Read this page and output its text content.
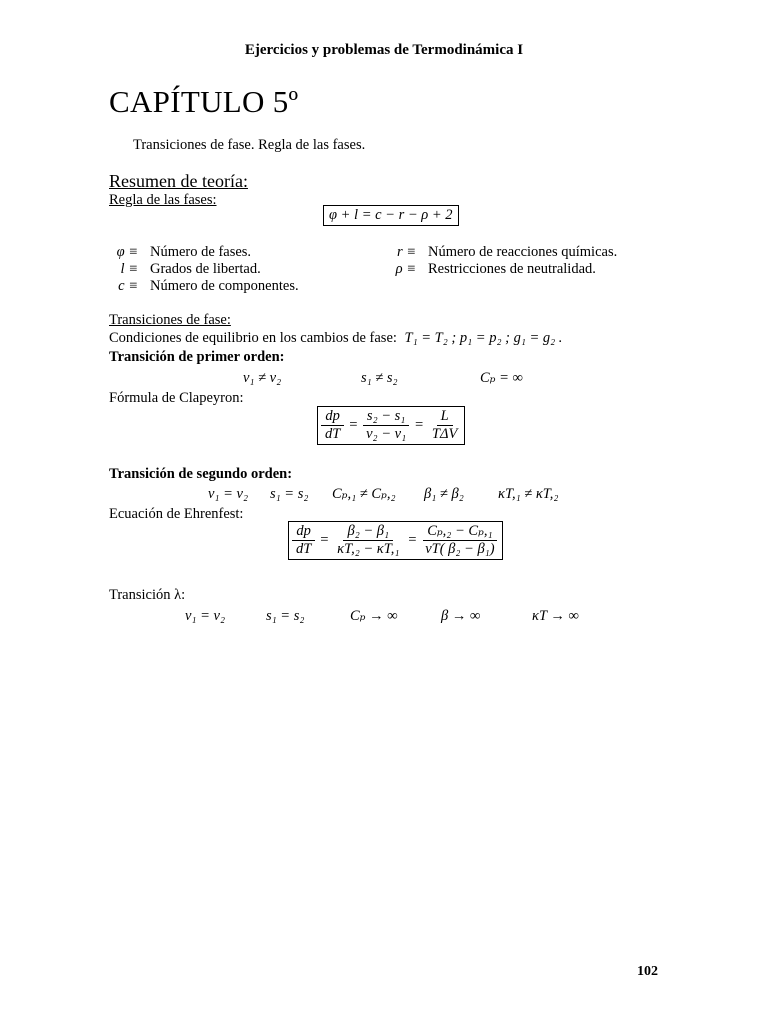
Ejercicios y problemas de Termodinámica I
CAPÍTULO 5º
Transiciones de fase. Regla de las fases.
Resumen de teoría:
Regla de las fases:
φ + l = c − r − ρ + 2
φ ≡ Número de fases.
l ≡ Grados de libertad.
c ≡ Número de componentes.
r ≡ Número de reacciones químicas.
ρ ≡ Restricciones de neutralidad.
Transiciones de fase:
Condiciones de equilibrio en los cambios de fase: T₁ = T₂ ; p₁ = p₂ ; g₁ = g₂ .
Transición de primer orden:
v₁ ≠ v₂	s₁ ≠ s₂	Cₚ = ∞
Fórmula de Clapeyron:
$\frac{dp}{dT} = \frac{\text{s₂ − s₁}}{\text{v₂ − v₁}} = \frac{L}{\text{TΔV}}$
Transición de segundo orden:
v₁ = v₂ s₁ = s₂ Cₚ,₁ ≠ Cₚ,₂ β₁ ≠ β₂ κT,₁ ≠ κT,₂
Ecuación de Ehrenfest:
$\frac{dp}{dT} = \frac{\text{β₂ − β₁}}{\text{κT,₂ − κT,₁}} = \frac{\text{Cₚ,₂ − Cₚ,₁}}{\text{vT( β₂ − β₁)}}$
Transición λ:
v₁ = v₂	s₁ = s₂	Cₚ → ∞	β → ∞	κT → ∞
102
